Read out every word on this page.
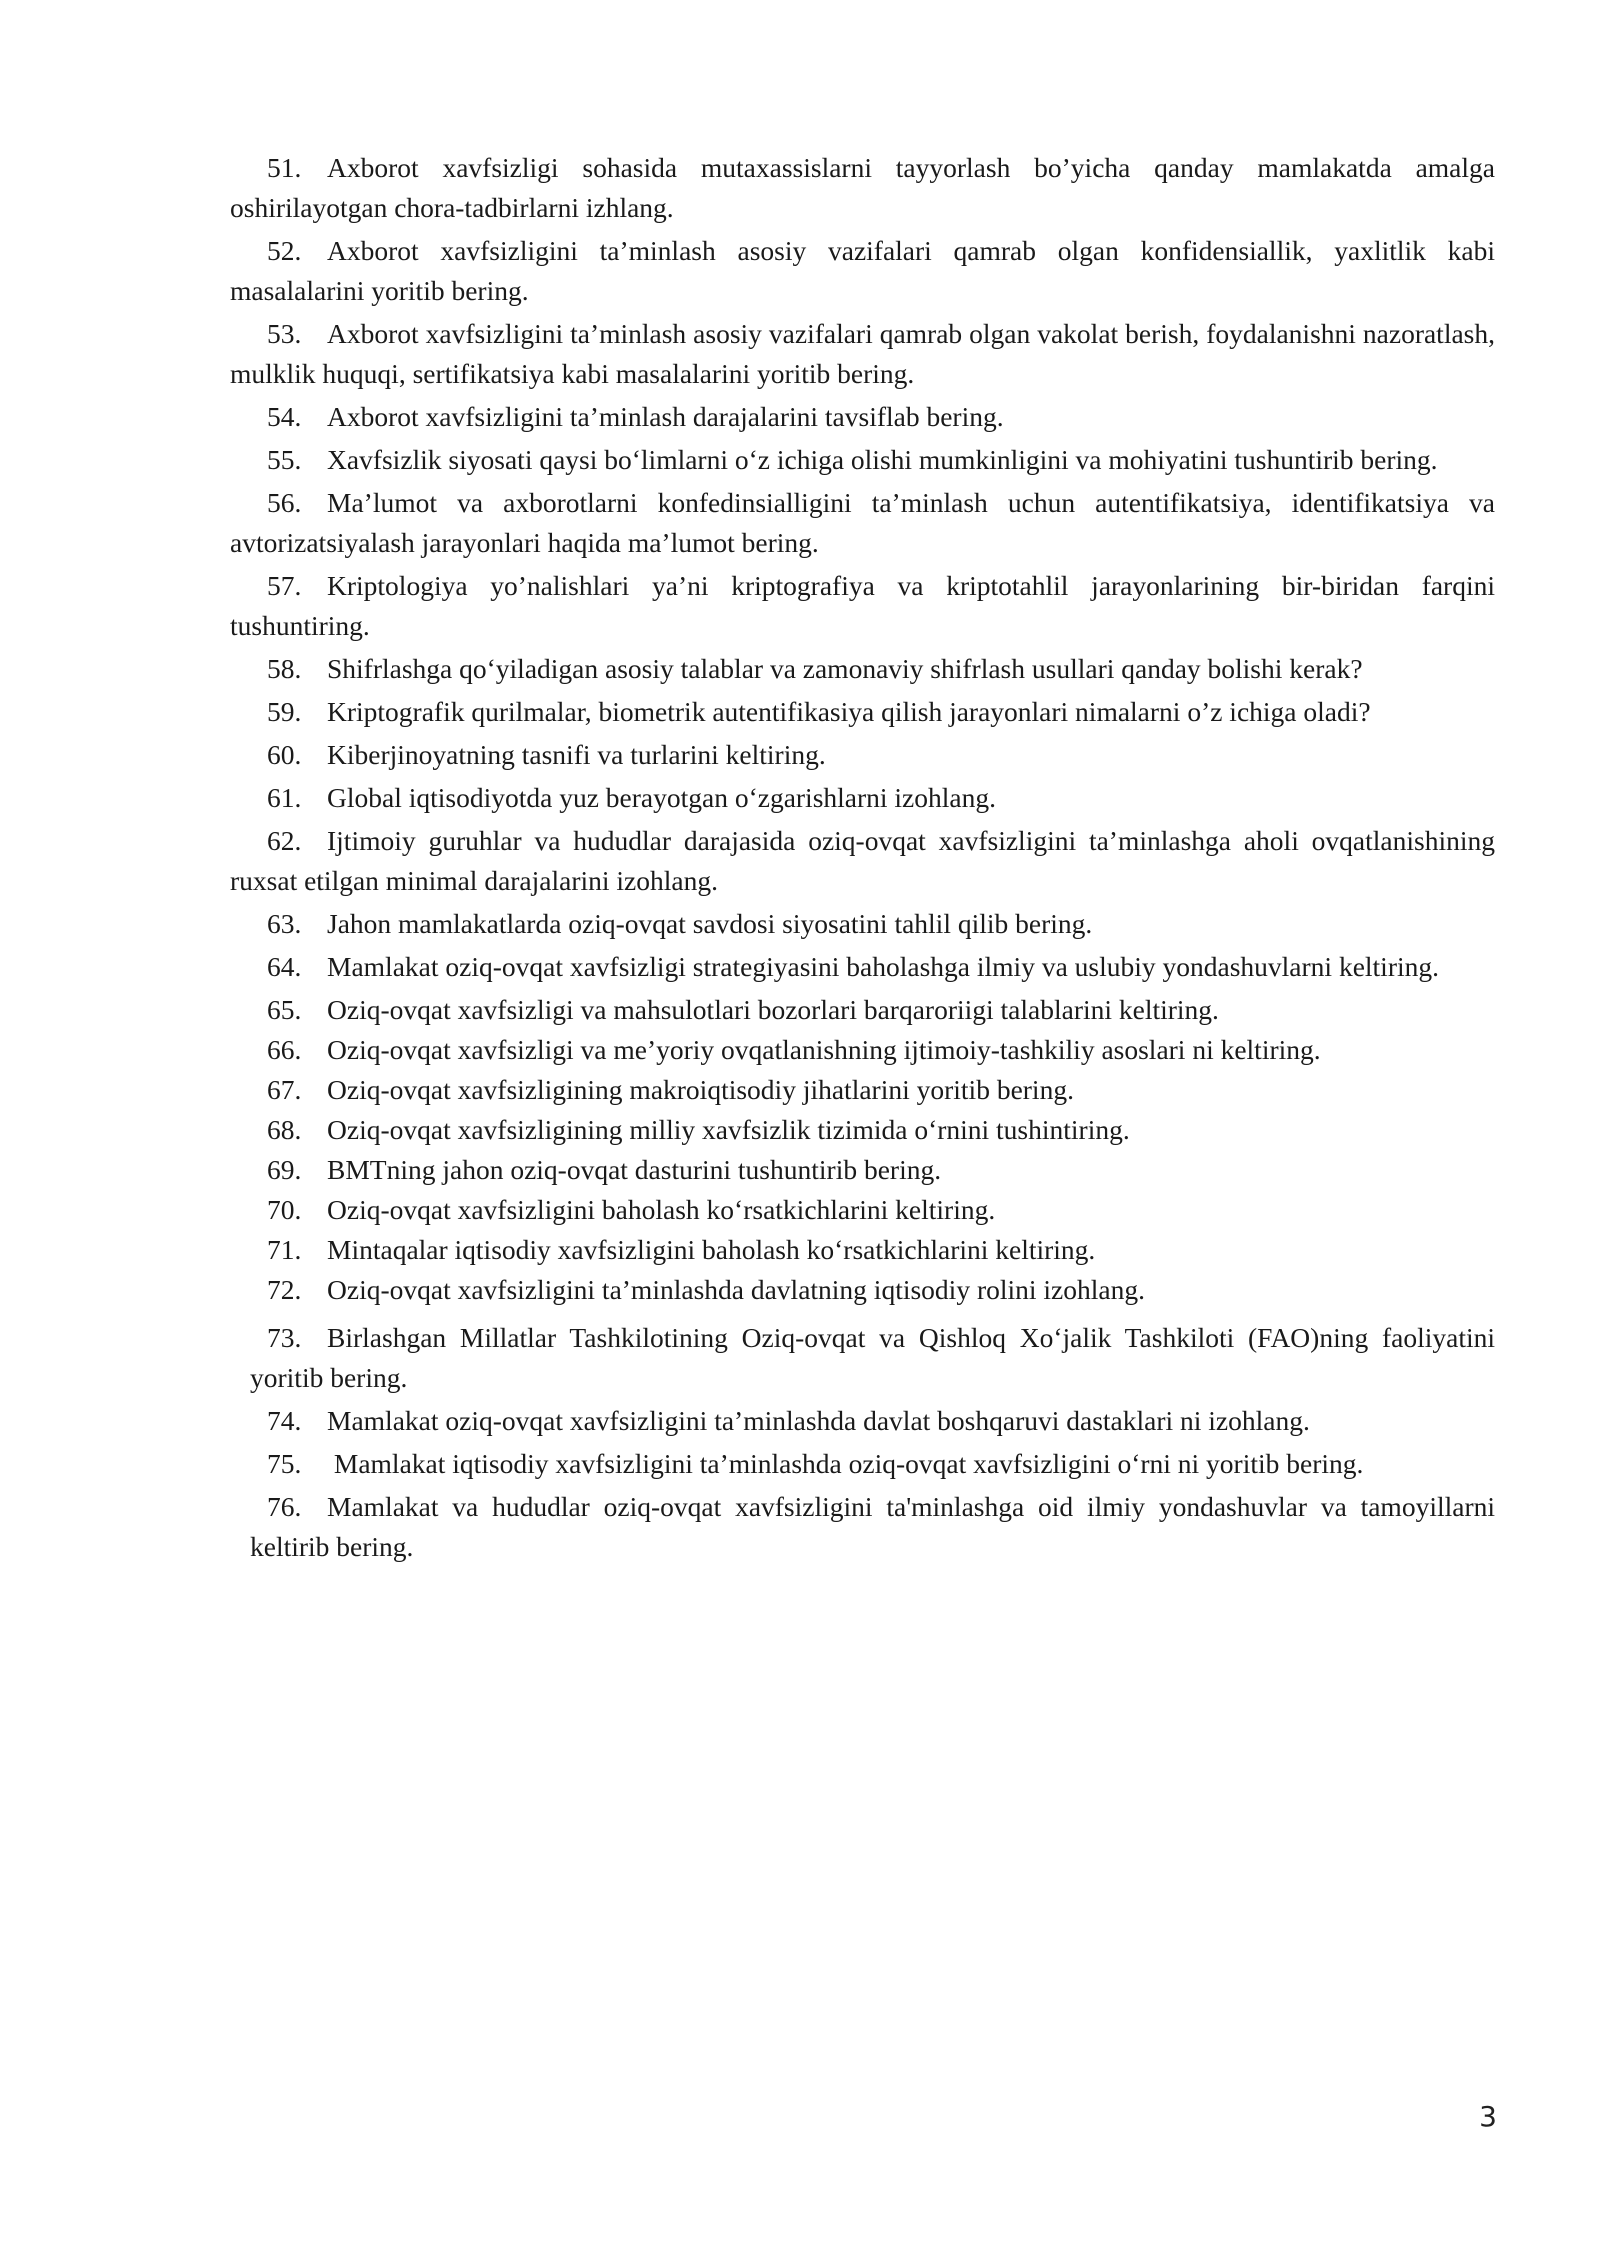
51. Axborot xavfsizligi sohasida mutaxassislarni tayyorlash bo’yicha qanday mamlakatda amalga oshirilayotgan chora-tadbirlarni izhlang.
52. Axborot xavfsizligini ta’minlash asosiy vazifalari qamrab olgan konfidensiallik, yaxlitlik kabi masalalarini yoritib bering.
53. Axborot xavfsizligini ta’minlash asosiy vazifalari qamrab olgan vakolat berish, foydalanishni nazoratlash, mulklik huquqi, sertifikatsiya kabi masalalarini yoritib bering.
54. Axborot xavfsizligini ta’minlash darajalarini tavsiflab bering.
55. Xavfsizlik siyosati qaysi bo‘limlarni o‘z ichiga olishi mumkinligini va mohiyatini tushuntirib bering.
56. Ma’lumot va axborotlarni konfedinsialligini ta’minlash uchun autentifikatsiya, identifikatsiya va avtorizatsiyalash jarayonlari haqida ma’lumot bering.
57. Kriptologiya yo’nalishlari ya’ni kriptografiya va kriptotahlil jarayonlarining bir-biridan farqini tushuntiring.
58. Shifrlashga qo‘yiladigan asosiy talablar va zamonaviy shifrlash usullari qanday bolishi kerak?
59. Kriptografik qurilmalar, biometrik autentifikasiya qilish jarayonlari nimalarni o’z ichiga oladi?
60. Kiberjinoyatning tasnifi va turlarini keltiring.
61. Global iqtisodiyotda yuz berayotgan o‘zgarishlarni izohlang.
62. Ijtimoiy guruhlar va hududlar darajasida oziq-ovqat xavfsizligini ta’minlashga aholi ovqatlanishining ruxsat etilgan minimal darajalarini izohlang.
63. Jahon mamlakatlarda oziq-ovqat savdosi siyosatini tahlil qilib bering.
64. Mamlakat oziq-ovqat xavfsizligi strategiyasini baholashga ilmiy va uslubiy yondashuvlarni keltiring.
65. Oziq-ovqat xavfsizligi va mahsulotlari bozorlari barqaroriigi talablarini keltiring.
66. Oziq-ovqat xavfsizligi va me’yoriy ovqatlanishning ijtimoiy-tashkiliy asoslari ni keltiring.
67. Oziq-ovqat xavfsizligining makroiqtisodiy jihatlarini yoritib bering.
68. Oziq-ovqat xavfsizligining milliy xavfsizlik tizimida o‘rnini tushintiring.
69. BMTning jahon oziq-ovqat dasturini tushuntirib bering.
70. Oziq-ovqat xavfsizligini baholash ko‘rsatkichlarini keltiring.
71. Mintaqalar iqtisodiy xavfsizligini baholash ko‘rsatkichlarini keltiring.
72. Oziq-ovqat xavfsizligini ta’minlashda davlatning iqtisodiy rolini izohlang.
73. Birlashgan Millatlar Tashkilotining Oziq-ovqat va Qishloq Xo‘jalik Tashkiloti (FAO)ning faoliyatini yoritib bering.
74. Mamlakat oziq-ovqat xavfsizligini ta’minlashda davlat boshqaruvi dastaklari ni izohlang.
75. Mamlakat iqtisodiy xavfsizligini ta’minlashda oziq-ovqat xavfsizligini o‘rni ni yoritib bering.
76. Mamlakat va hududlar oziq-ovqat xavfsizligini ta'minlashga oid ilmiy yondashuvlar va tamoyillarni keltirib bering.
3
